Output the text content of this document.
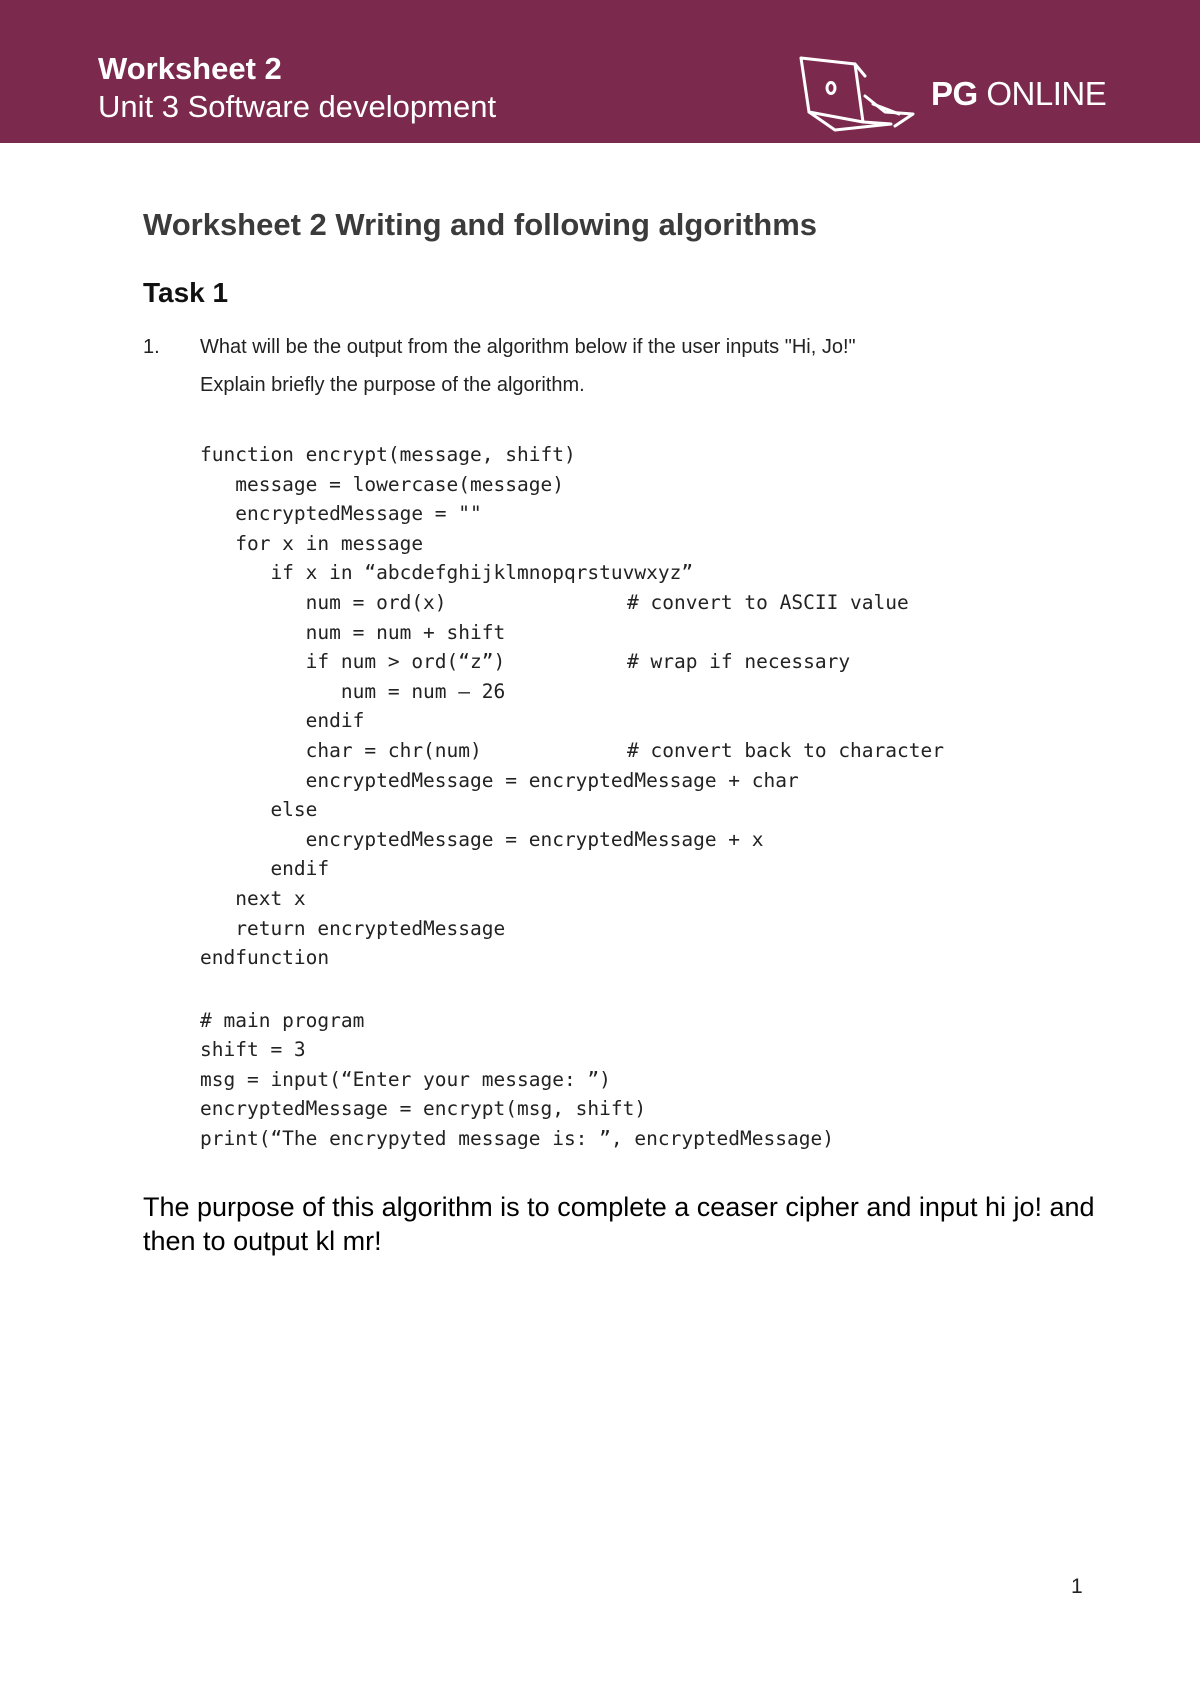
Worksheet 2
Unit 3 Software development	PG ONLINE
Worksheet 2 Writing and following algorithms
Task 1
1. What will be the output from the algorithm below if the user inputs "Hi, Jo!"
Explain briefly the purpose of the algorithm.
function encrypt(message, shift)
message = lowercase(message)
encryptedMessage = ""
for x in message
if x in “abcdefghijklmnopqrstuvwxyz”
num = ord(x)	# convert to ASCII value
num = num + shift
if num > ord(“z”)	# wrap if necessary
num = num – 26
endif
char = chr(num)	# convert back to character
encryptedMessage = encryptedMessage + char
else
encryptedMessage = encryptedMessage + x
endif
next x
return encryptedMessage
endfunction
# main program
shift = 3
msg = input(“Enter your message: ”)
encryptedMessage = encrypt(msg, shift)
print(“The encrypyted message is: ”, encryptedMessage)
The purpose of this algorithm is to complete a ceaser cipher and input hi jo! and then to output kl mr!
1
